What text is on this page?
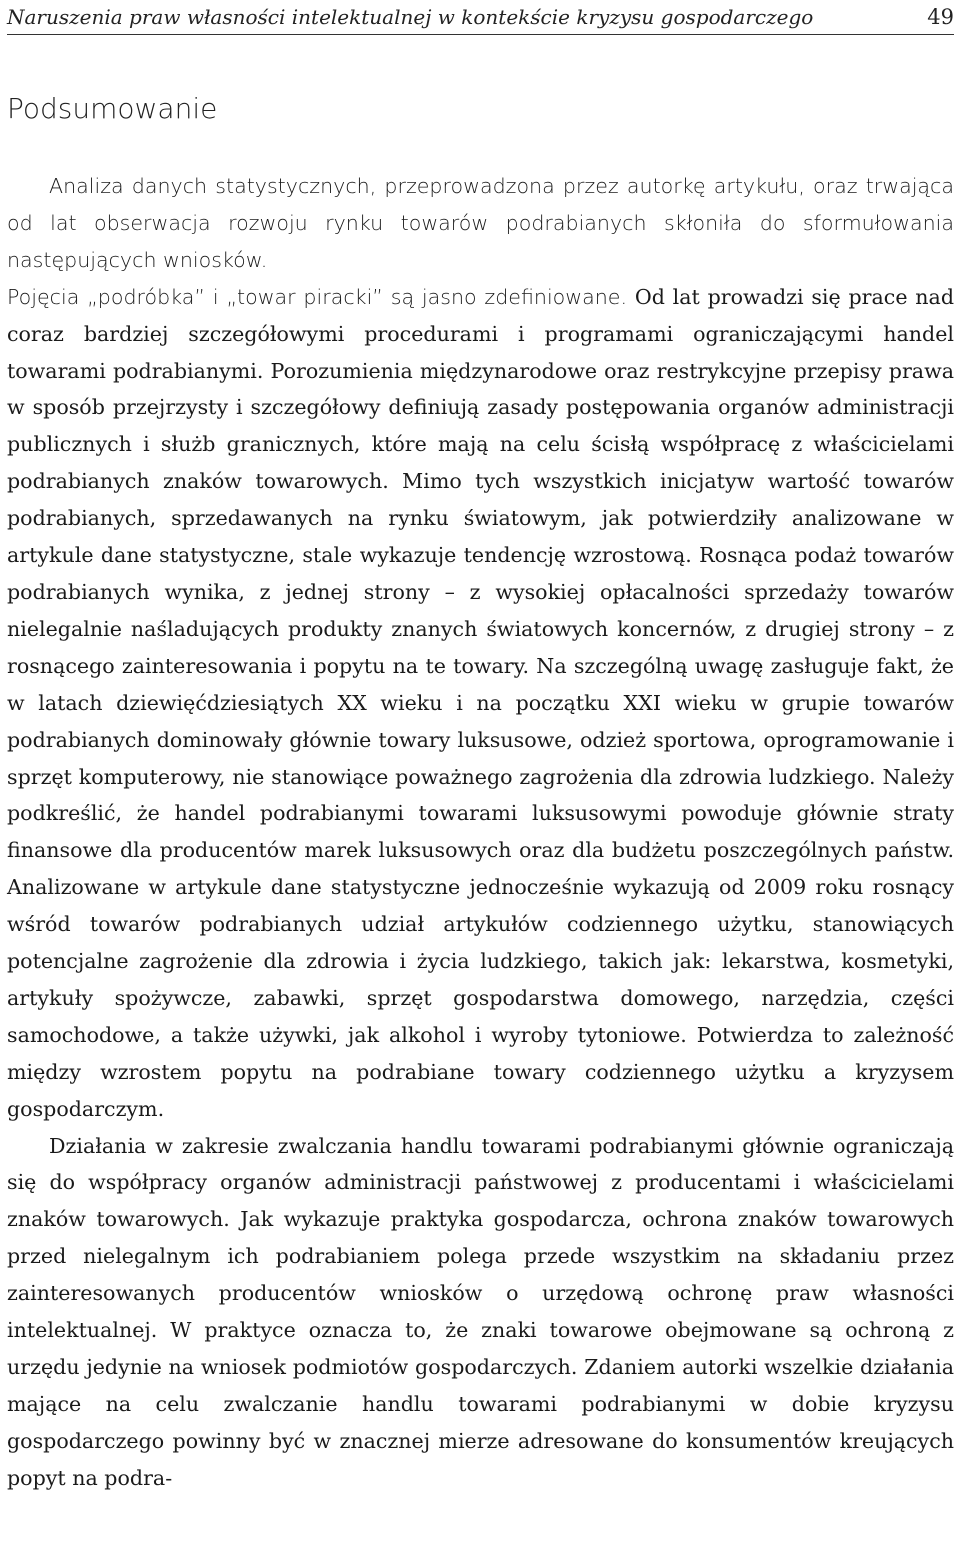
Naruszenia praw własności intelektualnej w kontekście kryzysu gospodarczego	49
Podsumowanie

Analiza danych statystycznych, przeprowadzona przez autorkę artykułu, oraz trwająca od lat obserwacja rozwoju rynku towarów podrabianych skłoniła do sformułowania następujących wniosków.
Pojęcia „podróbka” i „towar piracki” są jasno zdefiniowane. Od lat prowadzi się prace nad coraz bardziej szczegółowymi procedurami i programami ograniczającymi handel towarami podrabianymi. Porozumienia międzynarodowe oraz restrykcyjne przepisy prawa w sposób przejrzysty i szczegółowy definiują zasady postępowania organów administracji publicznych i służb granicznych, które mają na celu ścisłą współpracę z właścicielami podrabianych znaków towarowych. Mimo tych wszystkich inicjatyw wartość towarów podrabianych, sprzedawanych na rynku światowym, jak potwierdziły analizowane w artykule dane statystyczne, stale wykazuje tendencję wzrostową. Rosnąca podaż towarów podrabianych wynika, z jednej strony – z wysokiej opłacalności sprzedaży towarów nielegalnie naśladujących produkty znanych światowych koncernów, z drugiej strony – z rosnącego zainteresowania i popytu na te towary. Na szczególną uwagę zasługuje fakt, że w latach dziewięćdziesiątych XX wieku i na początku XXI wieku w grupie towarów podrabianych dominowały głównie towary luksusowe, odzież sportowa, oprogramowanie i sprzęt komputerowy, nie stanowiące poważnego zagrożenia dla zdrowia ludzkiego. Należy podkreślić, że handel podrabianymi towarami luksusowymi powoduje głównie straty finansowe dla producentów marek luksusowych oraz dla budżetu poszczególnych państw. Analizowane w artykule dane statystyczne jednocześnie wykazują od 2009 roku rosnący wśród towarów podrabianych udział artykułów codziennego użytku, stanowiących potencjalne zagrożenie dla zdrowia i życia ludzkiego, takich jak: lekarstwa, kosmetyki, artykuły spożywcze, zabawki, sprzęt gospodarstwa domowego, narzędzia, części samochodowe, a także używki, jak alkohol i wyroby tytoniowe. Potwierdza to zależność między wzrostem popytu na podrabiane towary codziennego użytku a kryzysem gospodarczym.

Działania w zakresie zwalczania handlu towarami podrabianymi głównie ograniczają się do współpracy organów administracji państwowej z producentami i właścicielami znaków towarowych. Jak wykazuje praktyka gospodarcza, ochrona znaków towarowych przed nielegalnym ich podrabianiem polega przede wszystkim na składaniu przez zainteresowanych producentów wniosków o urzędową ochronę praw własności intelektualnej. W praktyce oznacza to, że znaki towarowe obejmowane są ochroną z urzędu jedynie na wniosek podmiotów gospodarczych. Zdaniem autorki wszelkie działania mające na celu zwalczanie handlu towarami podrabianymi w dobie kryzysu gospodarczego powinny być w znacznej mierze adresowane do konsumentów kreujących popyt na podra-
